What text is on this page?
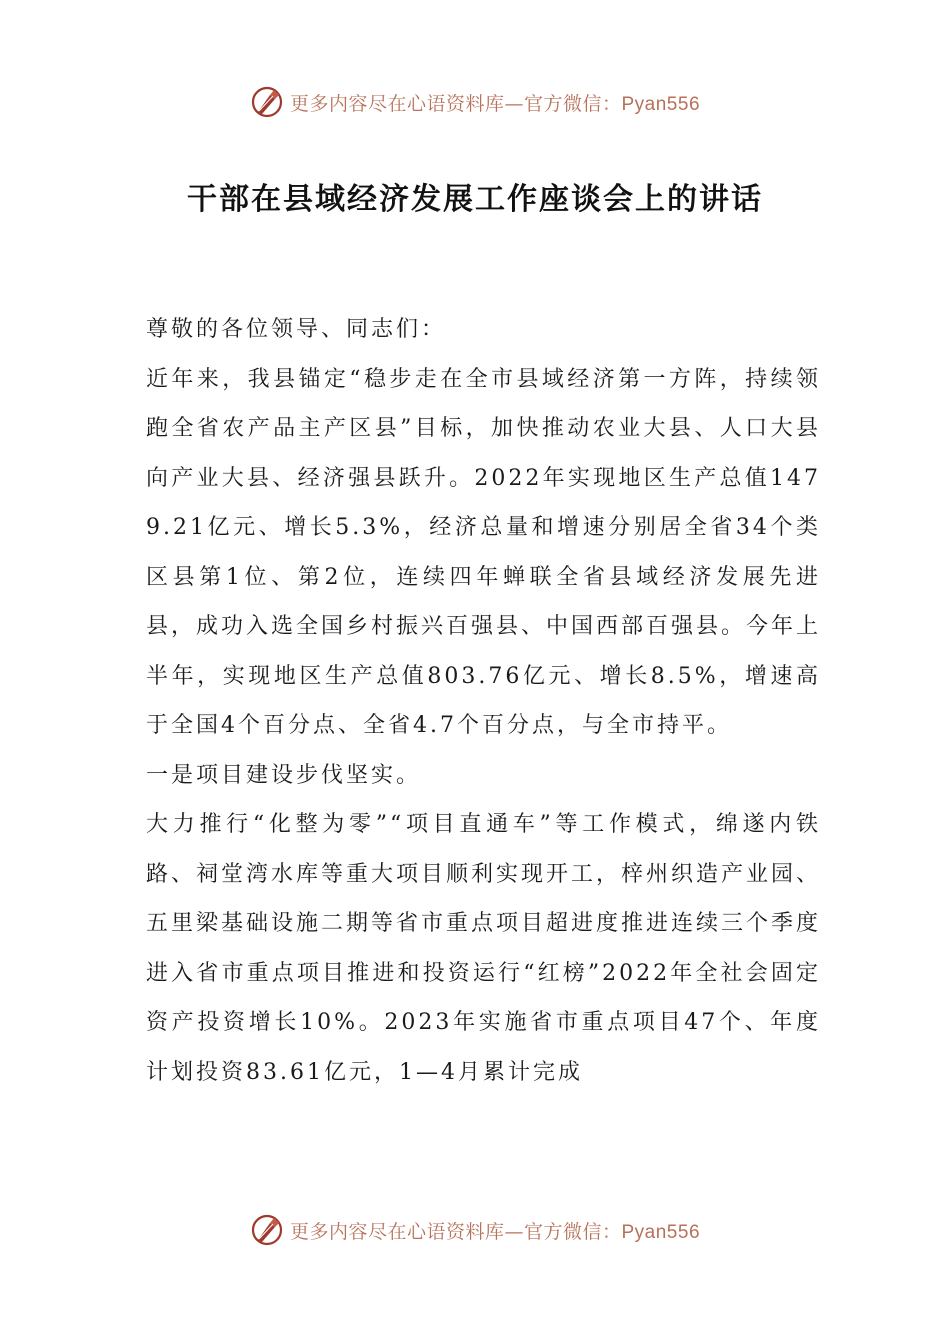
更多内容尽在心语资料库—官方微信：Pyan556
干部在县域经济发展工作座谈会上的讲话

尊敬的各位领导、同志们：

近年来，我县锚定“稳步走在全市县域经济第一方阵，持续领跑全省农产品主产区县”目标，加快推动农业大县、人口大县向产业大县、经济强县跃升。2022年实现地区生产总值1479.21亿元、增长5.3%，经济总量和增速分别居全省34个类区县第1位、第2位，连续四年蝉联全省县域经济发展先进县，成功入选全国乡村振兴百强县、中国西部百强县。今年上半年，实现地区生产总值803.76亿元、增长8.5%，增速高于全国4个百分点、全省4.7个百分点，与全市持平。

一是项目建设步伐坚实。

大力推行“化整为零”“项目直通车”等工作模式，绵遂内铁路、祠堂湾水库等重大项目顺利实现开工，梓州织造产业园、五里梁基础设施二期等省市重点项目超进度推进连续三个季度进入省市重点项目推进和投资运行“红榜”2022年全社会固定资产投资增长10%。2023年实施省市重点项目47个、年度计划投资83.61亿元，1—4月累计完成

更多内容尽在心语资料库—官方微信：Pyan556
